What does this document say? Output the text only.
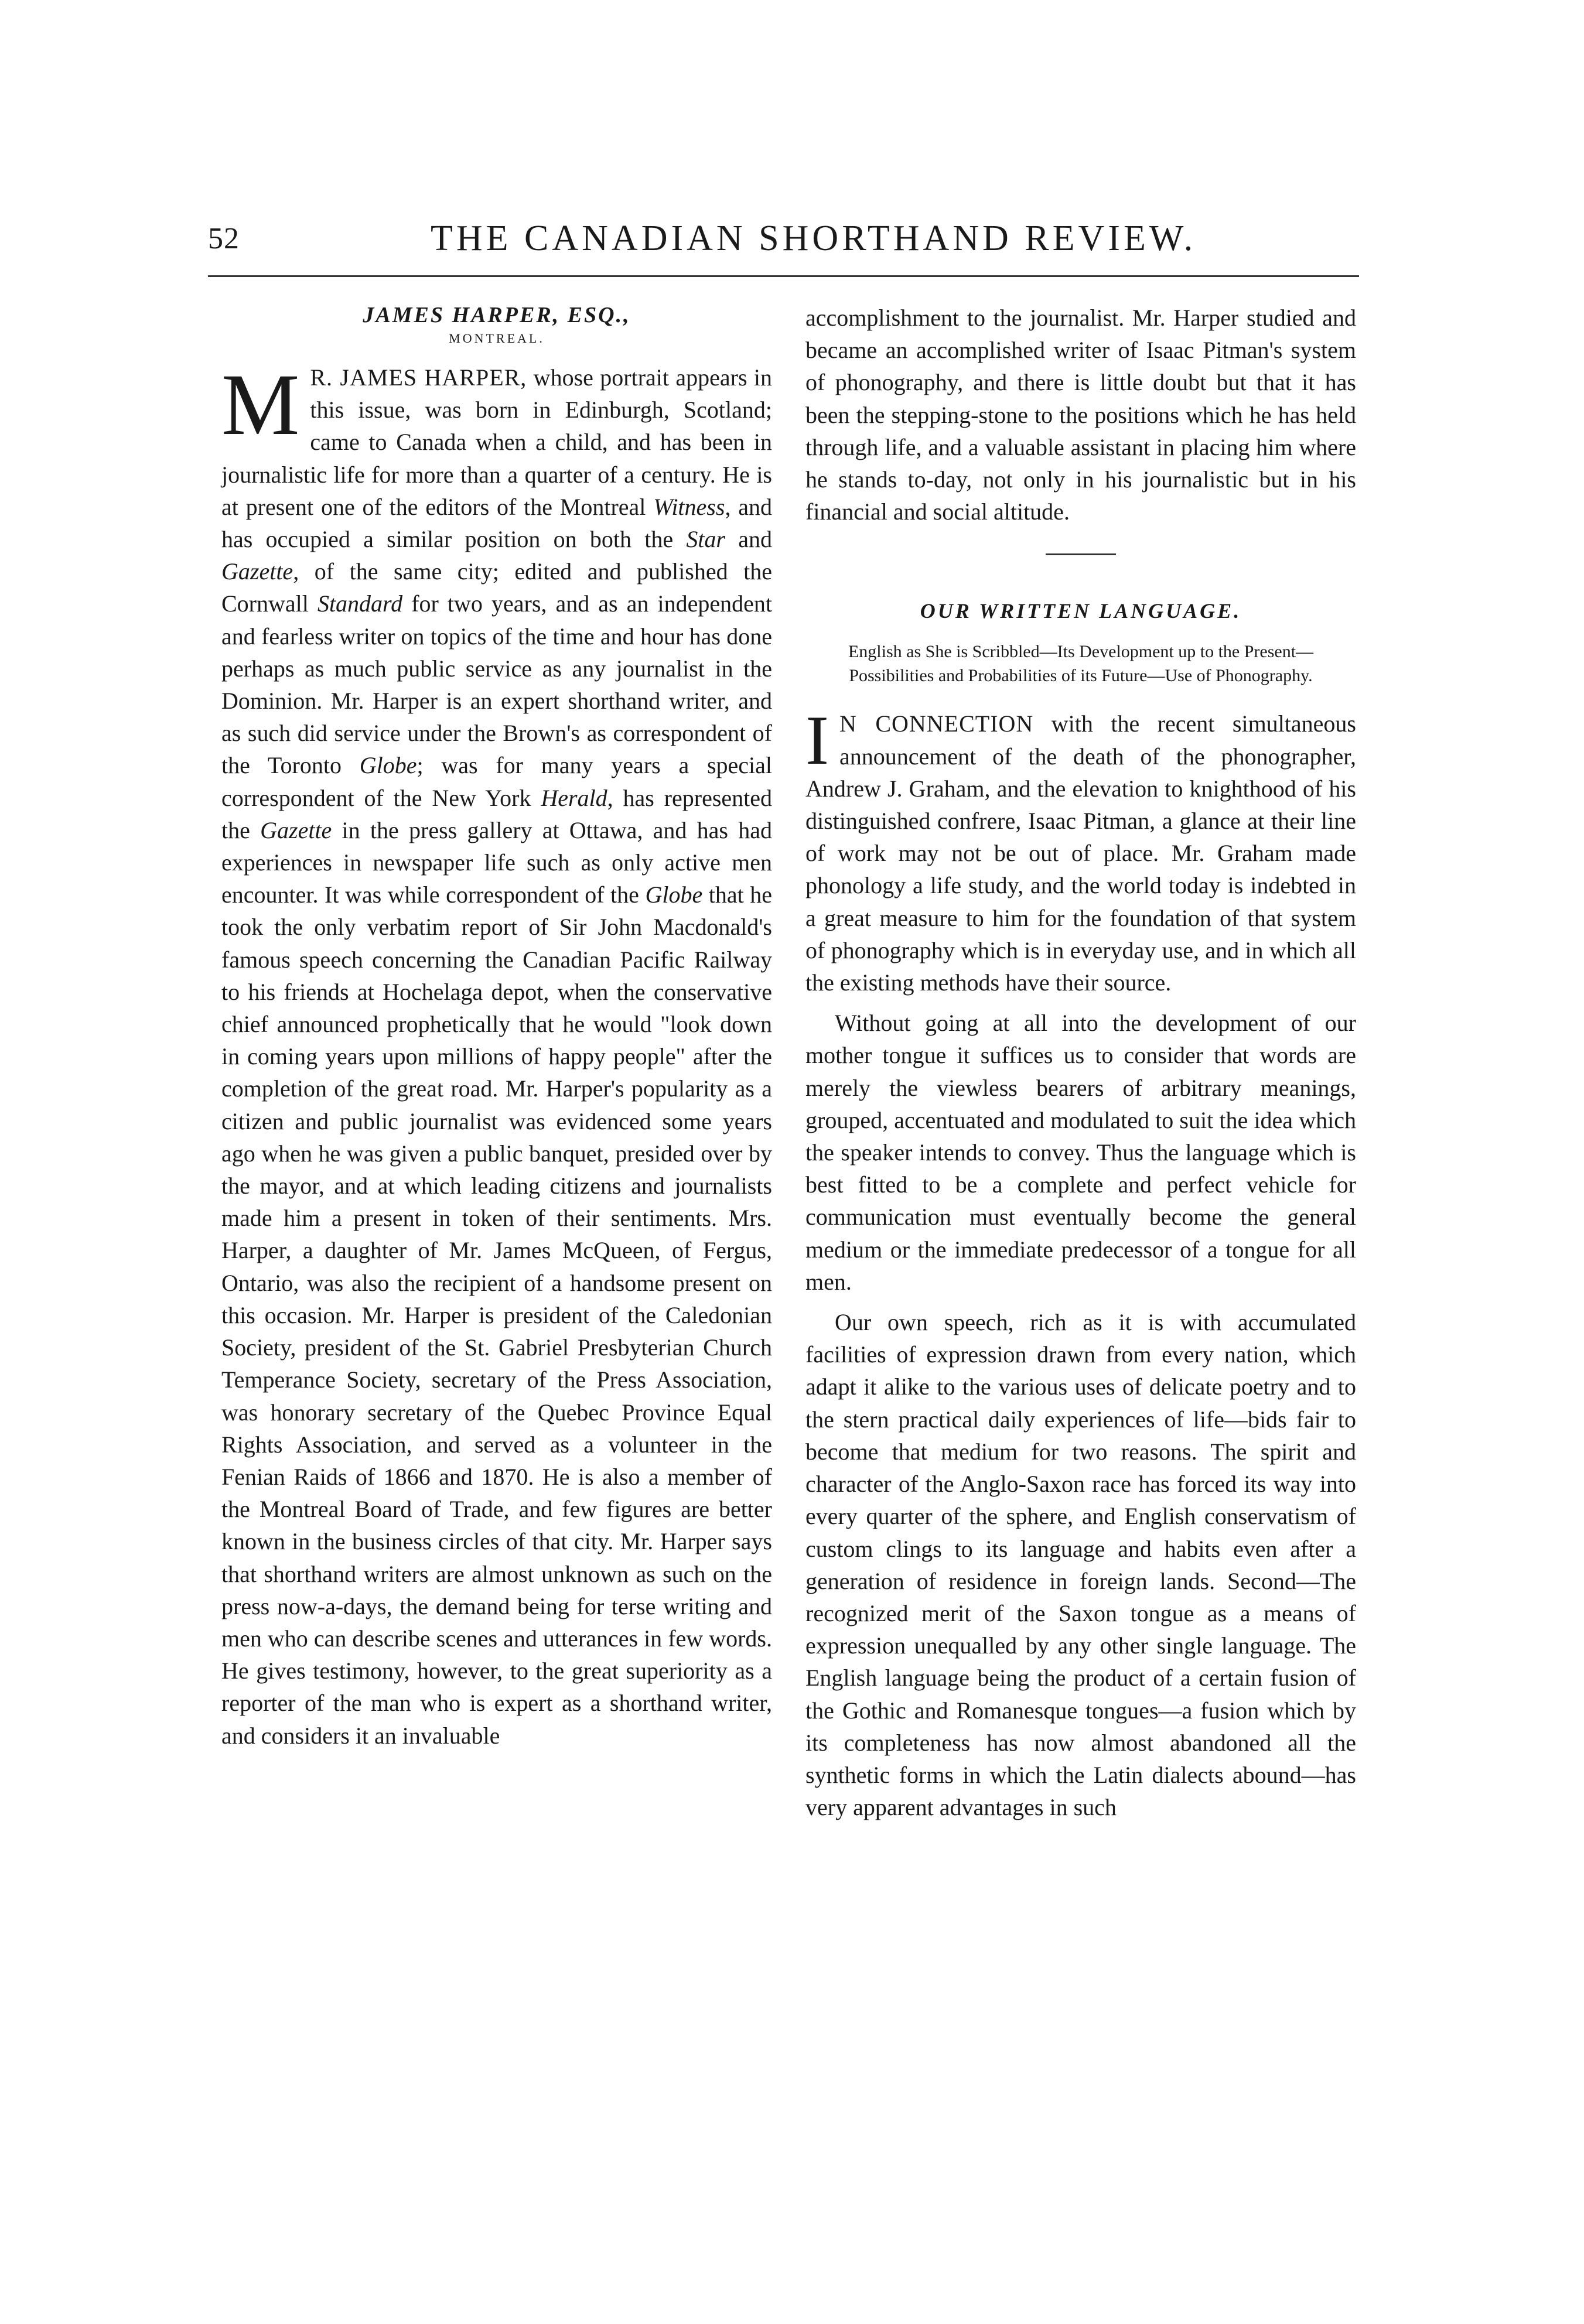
52	THE CANADIAN SHORTHAND REVIEW.
JAMES HARPER, ESQ.,
MONTREAL.

M R. JAMES HARPER, whose portrait appears in this issue, was born in Edinburgh, Scotland; came to Canada when a child, and has been in journalistic life for more than a quarter of a century. He is at present one of the editors of the Montreal Witness, and has occupied a similar position on both the Star and Gazette, of the same city; edited and published the Cornwall Standard for two years, and as an independent and fearless writer on topics of the time and hour has done perhaps as much public service as any journalist in the Dominion. Mr. Harper is an expert shorthand writer, and as such did service under the Brown's as correspondent of the Toronto Globe; was for many years a special correspondent of the New York Herald, has represented the Gazette in the press gallery at Ottawa, and has had experiences in newspaper life such as only active men encounter. It was while correspondent of the Globe that he took the only verbatim report of Sir John Macdonald's famous speech concerning the Canadian Pacific Railway to his friends at Hochelaga depot, when the conservative chief announced prophetically that he would "look down in coming years upon millions of happy people" after the completion of the great road. Mr. Harper's popularity as a citizen and public journalist was evidenced some years ago when he was given a public banquet, presided over by the mayor, and at which leading citizens and journalists made him a present in token of their sentiments. Mrs. Harper, a daughter of Mr. James McQueen, of Fergus, Ontario, was also the recipient of a handsome present on this occasion. Mr. Harper is president of the Caledonian Society, president of the St. Gabriel Presbyterian Church Temperance Society, secretary of the Press Association, was honorary secretary of the Quebec Province Equal Rights Association, and served as a volunteer in the Fenian Raids of 1866 and 1870. He is also a member of the Montreal Board of Trade, and few figures are better known in the business circles of that city. Mr. Harper says that shorthand writers are almost unknown as such on the press now-a-days, the demand being for terse writing and men who can describe scenes and utterances in few words. He gives testimony, however, to the great superiority as a reporter of the man who is expert as a shorthand writer, and considers it an invaluable

accomplishment to the journalist. Mr. Harper studied and became an accomplished writer of Isaac Pitman's system of phonography, and there is little doubt but that it has been the stepping-stone to the positions which he has held through life, and a valuable assistant in placing him where he stands to-day, not only in his journalistic but in his financial and social altitude.

OUR WRITTEN LANGUAGE.
English as She is Scribbled—Its Development up to the Present—Possibilities and Probabilities of its Future—Use of Phonography.

I N CONNECTION with the recent simultaneous announcement of the death of the phonographer, Andrew J. Graham, and the elevation to knighthood of his distinguished confrere, Isaac Pitman, a glance at their line of work may not be out of place. Mr. Graham made phonology a life study, and the world today is indebted in a great measure to him for the foundation of that system of phonography which is in everyday use, and in which all the existing methods have their source.

Without going at all into the development of our mother tongue it suffices us to consider that words are merely the viewless bearers of arbitrary meanings, grouped, accentuated and modulated to suit the idea which the speaker intends to convey. Thus the language which is best fitted to be a complete and perfect vehicle for communication must eventually become the general medium or the immediate predecessor of a tongue for all men.

Our own speech, rich as it is with accumulated facilities of expression drawn from every nation, which adapt it alike to the various uses of delicate poetry and to the stern practical daily experiences of life—bids fair to become that medium for two reasons. The spirit and character of the Anglo-Saxon race has forced its way into every quarter of the sphere, and English conservatism of custom clings to its language and habits even after a generation of residence in foreign lands. Second—The recognized merit of the Saxon tongue as a means of expression unequalled by any other single language. The English language being the product of a certain fusion of the Gothic and Romanesque tongues—a fusion which by its completeness has now almost abandoned all the synthetic forms in which the Latin dialects abound—has very apparent advantages in such
